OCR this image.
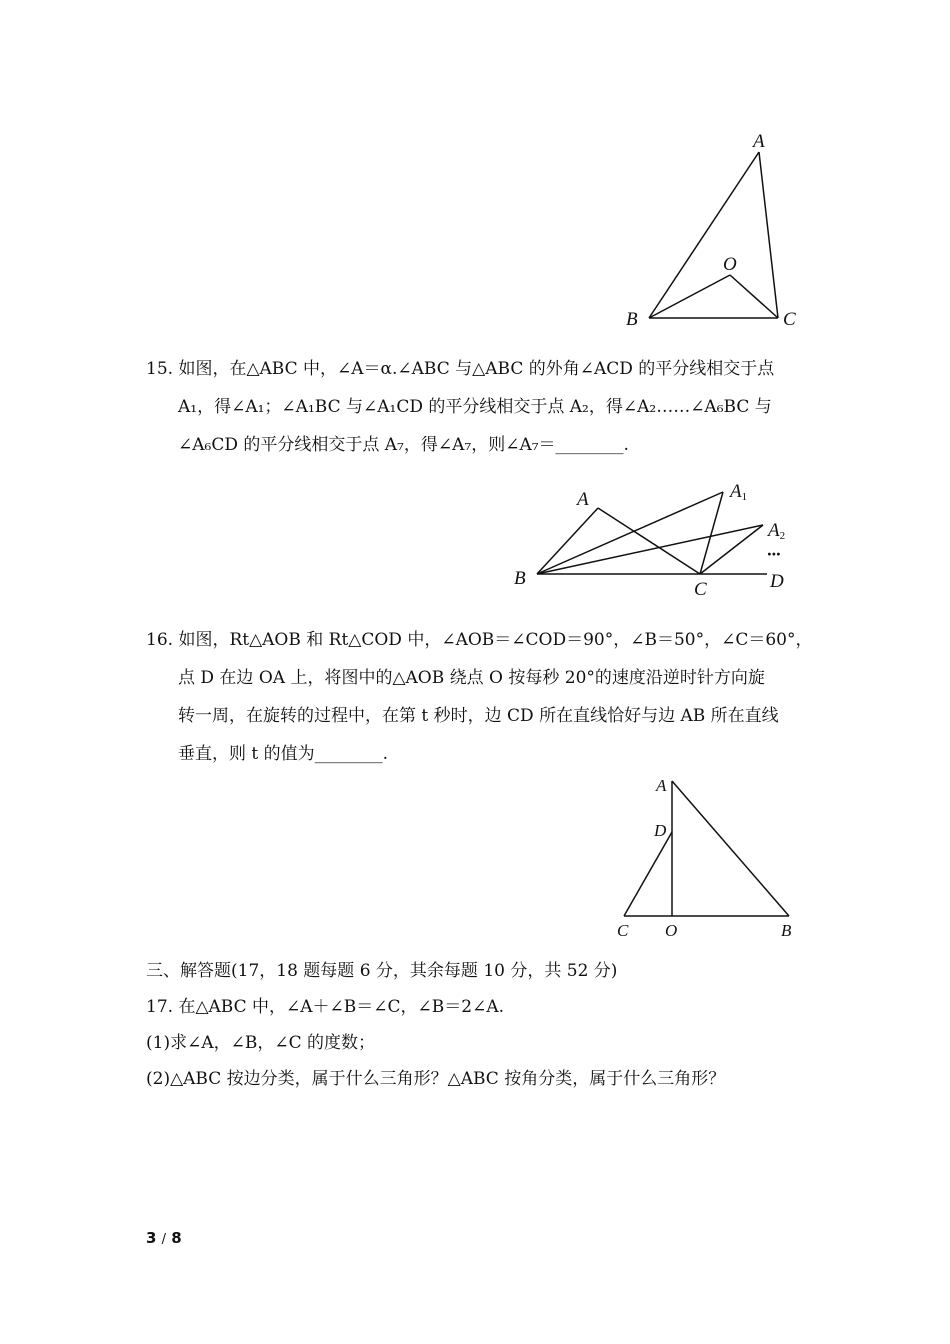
A
O
B	C
15. 如图，在△ABC 中，∠A＝α.∠ABC 与△ABC 的外角∠ACD 的平分线相交于点
A₁，得∠A₁；∠A₁BC 与∠A₁CD 的平分线相交于点 A₂，得∠A₂……∠A₆BC 与
∠A₆CD 的平分线相交于点 A₇，得∠A₇，则∠A₇＝________.
A	A1
A2
···
B
C	D
16. 如图，Rt△AOB 和 Rt△COD 中，∠AOB＝∠COD＝90°，∠B＝50°，∠C＝60°，
点 D 在边 OA 上，将图中的△AOB 绕点 O 按每秒 20°的速度沿逆时针方向旋
转一周，在旋转的过程中，在第 t 秒时，边 CD 所在直线恰好与边 AB 所在直线
垂直，则 t 的值为________.
A
D
C O	B
三、解答题(17，18 题每题 6 分，其余每题 10 分，共 52 分)
17. 在△ABC 中，∠A＋∠B＝∠C，∠B＝2∠A.
(1)求∠A，∠B，∠C 的度数；
(2)△ABC 按边分类，属于什么三角形？△ABC 按角分类，属于什么三角形？
3 / 8
